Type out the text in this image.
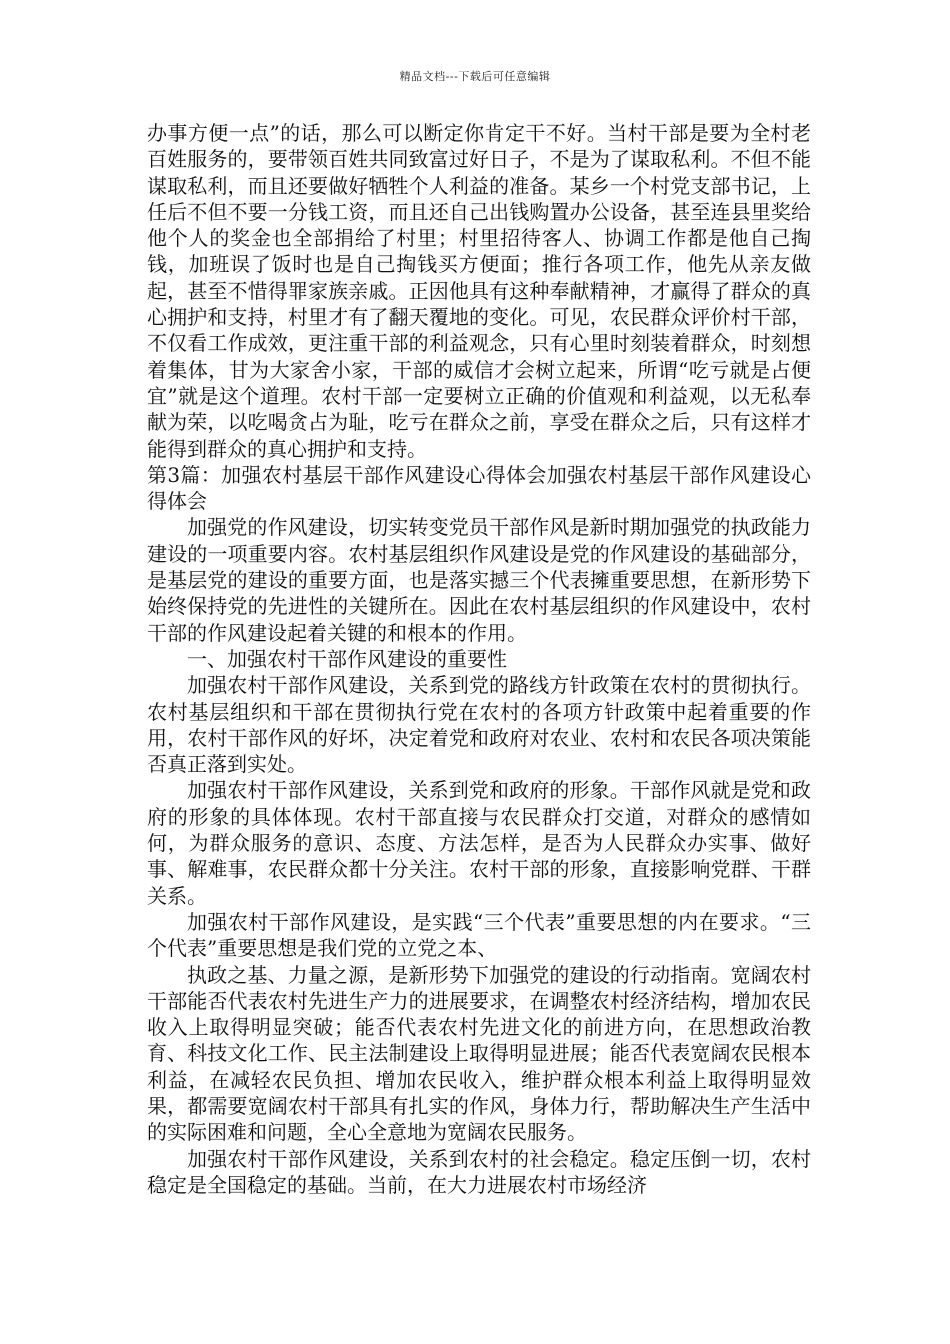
精品文档---下载后可任意编辑

办事方便一点”的话，那么可以断定你肯定干不好。当村干部是要为全村老百姓服务的，要带领百姓共同致富过好日子，不是为了谋取私利。不但不能谋取私利，而且还要做好牺牲个人利益的准备。某乡一个村党支部书记，上任后不但不要一分钱工资，而且还自己出钱购置办公设备，甚至连县里奖给他个人的奖金也全部捐给了村里；村里招待客人、协调工作都是他自己掏钱，加班误了饭时也是自己掏钱买方便面；推行各项工作，他先从亲友做起，甚至不惜得罪家族亲戚。正因他具有这种奉献精神，才赢得了群众的真心拥护和支持，村里才有了翻天覆地的变化。可见，农民群众评价村干部，不仅看工作成效，更注重干部的利益观念，只有心里时刻装着群众，时刻想着集体，甘为大家舍小家，干部的威信才会树立起来，所谓“吃亏就是占便宜”就是这个道理。农村干部一定要树立正确的价值观和利益观，以无私奉献为荣，以吃喝贪占为耻，吃亏在群众之前，享受在群众之后，只有这样才能得到群众的真心拥护和支持。

第3篇：加强农村基层干部作风建设心得体会加强农村基层干部作风建设心得体会

加强党的作风建设，切实转变党员干部作风是新时期加强党的执政能力建设的一项重要内容。农村基层组织作风建设是党的作风建设的基础部分，是基层党的建设的重要方面，也是落实撼三个代表擁重要思想，在新形势下始终保持党的先进性的关键所在。因此在农村基层组织的作风建设中，农村干部的作风建设起着关键的和根本的作用。

一、加强农村干部作风建设的重要性

加强农村干部作风建设，关系到党的路线方针政策在农村的贯彻执行。农村基层组织和干部在贯彻执行党在农村的各项方针政策中起着重要的作用，农村干部作风的好坏，决定着党和政府对农业、农村和农民各项决策能否真正落到实处。

加强农村干部作风建设，关系到党和政府的形象。干部作风就是党和政府的形象的具体体现。农村干部直接与农民群众打交道，对群众的感情如何，为群众服务的意识、态度、方法怎样，是否为人民群众办实事、做好事、解难事，农民群众都十分关注。农村干部的形象，直接影响党群、干群关系。

加强农村干部作风建设，是实践“三个代表”重要思想的内在要求。“三个代表”重要思想是我们党的立党之本、

执政之基、力量之源，是新形势下加强党的建设的行动指南。宽阔农村干部能否代表农村先进生产力的进展要求，在调整农村经济结构，增加农民收入上取得明显突破；能否代表农村先进文化的前进方向，在思想政治教育、科技文化工作、民主法制建设上取得明显进展；能否代表宽阔农民根本利益，在减轻农民负担、增加农民收入，维护群众根本利益上取得明显效果，都需要宽阔农村干部具有扎实的作风，身体力行，帮助解决生产生活中的实际困难和问题，全心全意地为宽阔农民服务。

加强农村干部作风建设，关系到农村的社会稳定。稳定压倒一切，农村稳定是全国稳定的基础。当前，在大力进展农村市场经济
